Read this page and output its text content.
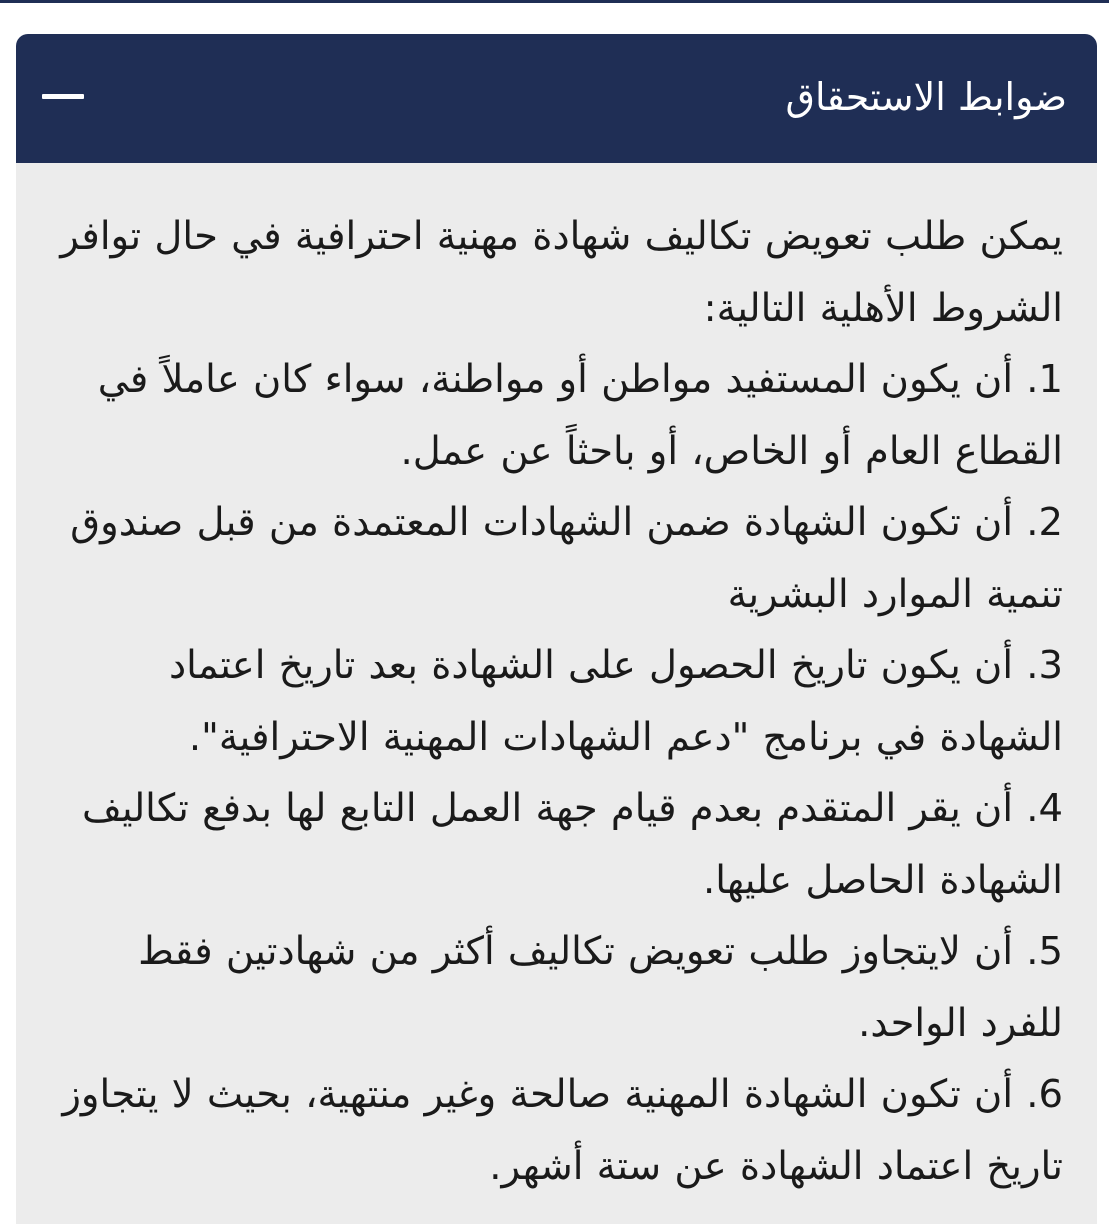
ضوابط الاستحقاق

يمكن طلب تعويض تكاليف شهادة مهنية احترافية في حال توافر الشروط الأهلية التالية:
1. أن يكون المستفيد مواطن أو مواطنة، سواء كان عاملاً في القطاع العام أو الخاص، أو باحثاً عن عمل.
2. أن تكون الشهادة ضمن الشهادات المعتمدة من قبل صندوق تنمية الموارد البشرية
3. أن يكون تاريخ الحصول على الشهادة بعد تاريخ اعتماد الشهادة في برنامج "دعم الشهادات المهنية الاحترافية".
4. أن يقر المتقدم بعدم قيام جهة العمل التابع لها بدفع تكاليف الشهادة الحاصل عليها.
5. أن لايتجاوز طلب تعويض تكاليف أكثر من شهادتين فقط للفرد الواحد.
6. أن تكون الشهادة المهنية صالحة وغير منتهية، بحيث لا يتجاوز تاريخ اعتماد الشهادة عن ستة أشهر.
